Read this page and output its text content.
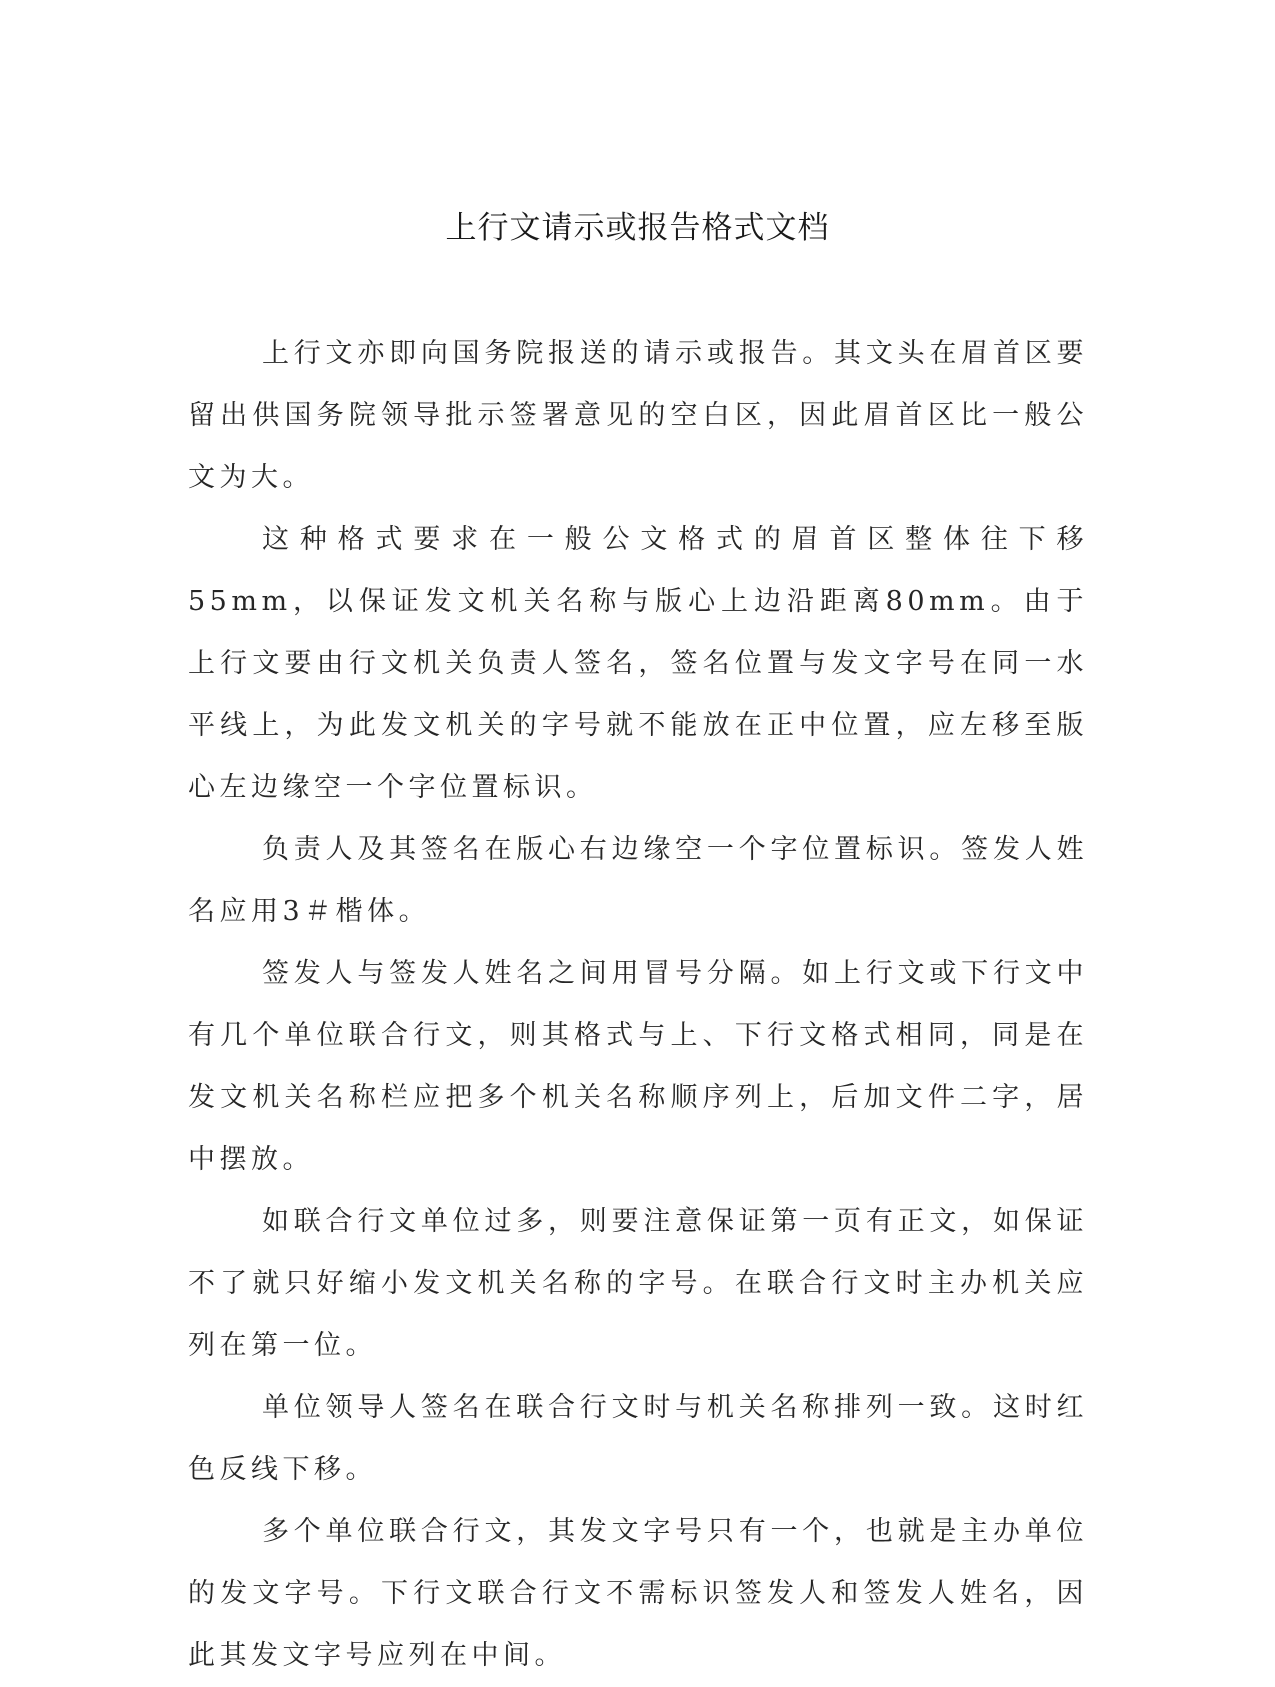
上行文请示或报告格式文档

上行文亦即向国务院报送的请示或报告。其文头在眉首区要留出供国务院领导批示签署意见的空白区，因此眉首区比一般公文为大。

这种格式要求在一般公文格式的眉首区整体往下移55mm，以保证发文机关名称与版心上边沿距离80mm。由于上行文要由行文机关负责人签名，签名位置与发文字号在同一水平线上，为此发文机关的字号就不能放在正中位置，应左移至版心左边缘空一个字位置标识。

负责人及其签名在版心右边缘空一个字位置标识。签发人姓名应用3＃楷体。

签发人与签发人姓名之间用冒号分隔。如上行文或下行文中有几个单位联合行文，则其格式与上、下行文格式相同，同是在发文机关名称栏应把多个机关名称顺序列上，后加文件二字，居中摆放。

如联合行文单位过多，则要注意保证第一页有正文，如保证不了就只好缩小发文机关名称的字号。在联合行文时主办机关应列在第一位。

单位领导人签名在联合行文时与机关名称排列一致。这时红色反线下移。

多个单位联合行文，其发文字号只有一个，也就是主办单位的发文字号。下行文联合行文不需标识签发人和签发人姓名，因此其发文字号应列在中间。
